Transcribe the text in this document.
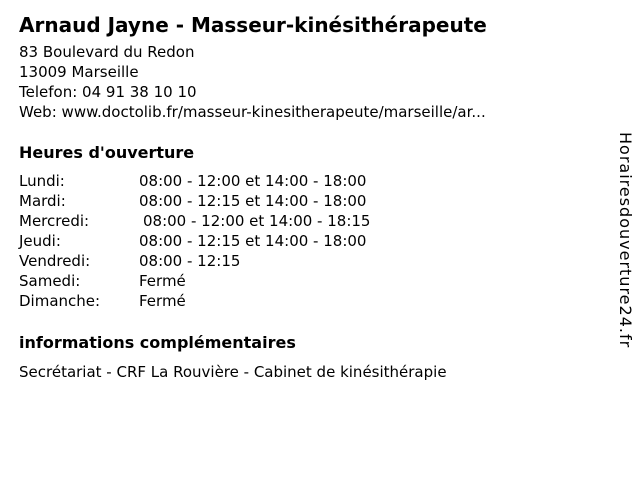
Arnaud Jayne - Masseur-kinésithérapeute
83 Boulevard du Redon
13009 Marseille
Telefon: 04 91 38 10 10
Web: www.doctolib.fr/masseur-kinesitherapeute/marseille/ar...
Heures d'ouverture
Lundi:	08:00 - 12:00 et 14:00 - 18:00
Mardi:	08:00 - 12:15 et 14:00 - 18:00
Mercredi:	08:00 - 12:00 et 14:00 - 18:15
Jeudi:	08:00 - 12:15 et 14:00 - 18:00
Vendredi:	08:00 - 12:15
Samedi:	Fermé
Dimanche:	Fermé
informations complémentaires
Secrétariat - CRF La Rouvière - Cabinet de kinésithérapie
Horairesdouverture24.fr
